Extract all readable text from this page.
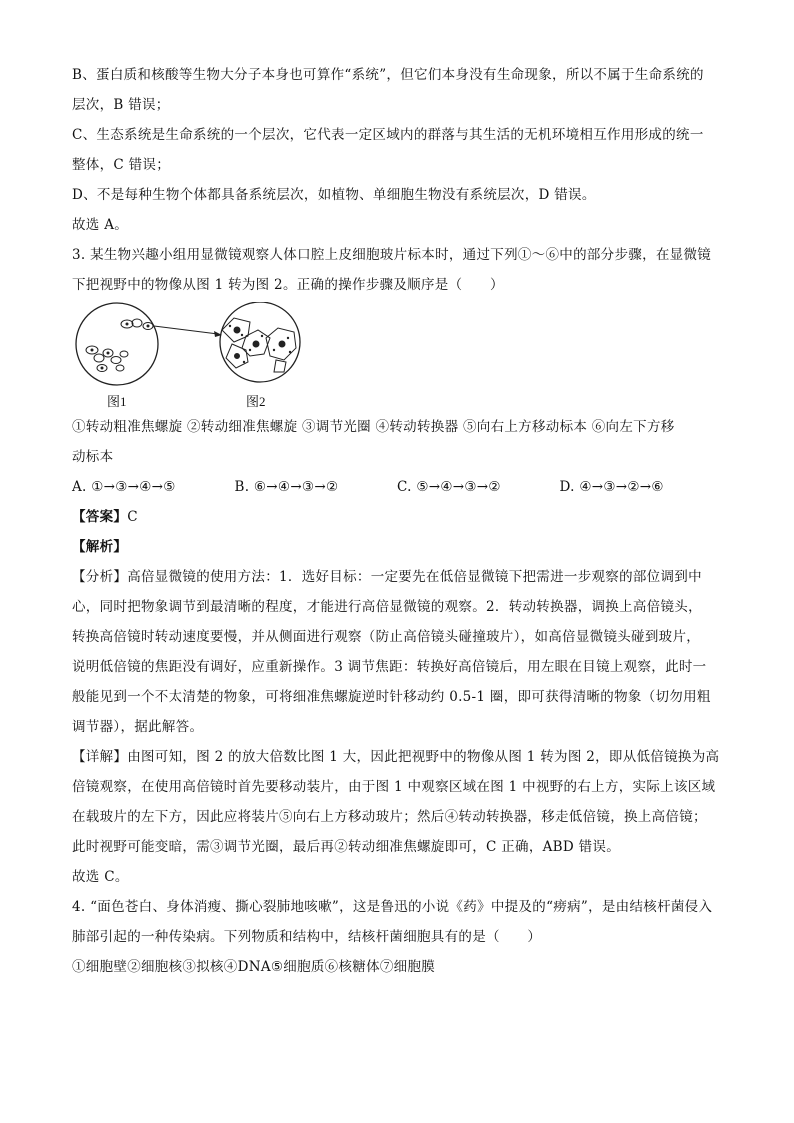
B、蛋白质和核酸等生物大分子本身也可算作“系统”，但它们本身没有生命现象，所以不属于生命系统的
层次，B 错误；
C、生态系统是生命系统的一个层次，它代表一定区域内的群落与其生活的无机环境相互作用形成的统一
整体，C 错误；
D、不是每种生物个体都具备系统层次，如植物、单细胞生物没有系统层次，D 错误。
故选 A。
3. 某生物兴趣小组用显微镜观察人体口腔上皮细胞玻片标本时，通过下列①～⑥中的部分步骤，在显微镜
下把视野中的物像从图 1 转为图 2。正确的操作步骤及顺序是（　　）
图1	图2
①转动粗准焦螺旋 ②转动细准焦螺旋 ③调节光圈 ④转动转换器 ⑤向右上方移动标本 ⑥向左下方移
动标本
A. ①→③→④→⑤	B. ⑥→④→③→②	C. ⑤→④→③→②	D. ④→③→②→⑥
【答案】C
【解析】
【分析】高倍显微镜的使用方法：1．选好目标：一定要先在低倍显微镜下把需进一步观察的部位调到中
心，同时把物象调节到最清晰的程度，才能进行高倍显微镜的观察。2．转动转换器，调换上高倍镜头，
转换高倍镜时转动速度要慢，并从侧面进行观察（防止高倍镜头碰撞玻片），如高倍显微镜头碰到玻片，
说明低倍镜的焦距没有调好，应重新操作。3 调节焦距：转换好高倍镜后，用左眼在目镜上观察，此时一
般能见到一个不太清楚的物象，可将细准焦螺旋逆时针移动约 0.5-1 圈，即可获得清晰的物象（切勿用粗
调节器），据此解答。
【详解】由图可知，图 2 的放大倍数比图 1 大，因此把视野中的物像从图 1 转为图 2，即从低倍镜换为高
倍镜观察，在使用高倍镜时首先要移动装片，由于图 1 中观察区域在图 1 中视野的右上方，实际上该区域
在载玻片的左下方，因此应将装片⑤向右上方移动玻片；然后④转动转换器，移走低倍镜，换上高倍镜；
此时视野可能变暗，需③调节光圈，最后再②转动细准焦螺旋即可，C 正确，ABD 错误。
故选 C。
4. “面色苍白、身体消瘦、撕心裂肺地咳嗽”，这是鲁迅的小说《药》中提及的“痨病”，是由结核杆菌侵入
肺部引起的一种传染病。下列物质和结构中，结核杆菌细胞具有的是（　　）
①细胞壁②细胞核③拟核④DNA⑤细胞质⑥核糖体⑦细胞膜
